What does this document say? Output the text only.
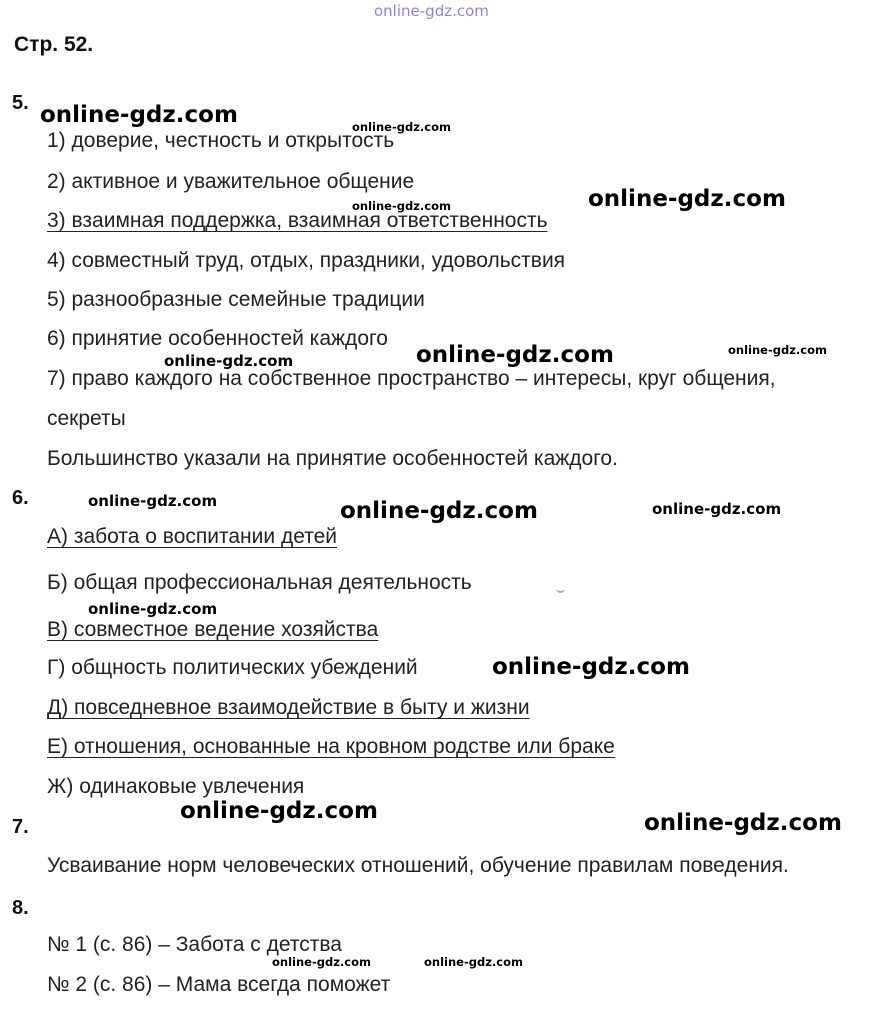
online-gdz.com
Стр. 52.
5.
1) доверие, честность и открытость
2) активное и уважительное общение
3) взаимная поддержка, взаимная ответственность
4) совместный труд, отдых, праздники, удовольствия
5) разнообразные семейные традиции
6) принятие особенностей каждого
7) право каждого на собственное пространство – интересы, круг общения,
секреты
Большинство указали на принятие особенностей каждого.
6.
А) забота о воспитании детей
Б) общая профессиональная деятельность
В) совместное ведение хозяйства
Г) общность политических убеждений
Д) повседневное взаимодействие в быту и жизни
Е) отношения, основанные на кровном родстве или браке
Ж) одинаковые увлечения
7.
Усваивание норм человеческих отношений, обучение правилам поведения.
8.
№ 1 (с. 86) – Забота с детства
№ 2 (с. 86) – Мама всегда поможет
online-gdz.com	online-gdz.com
online-gdz.com
online-gdz.com
online-gdz.com	online-gdz.com	online-gdz.com
online-gdz.com	online-gdz.com	online-gdz.com
online-gdz.com
online-gdz.com
online-gdz.com	online-gdz.com
online-gdz.com	online-gdz.com
